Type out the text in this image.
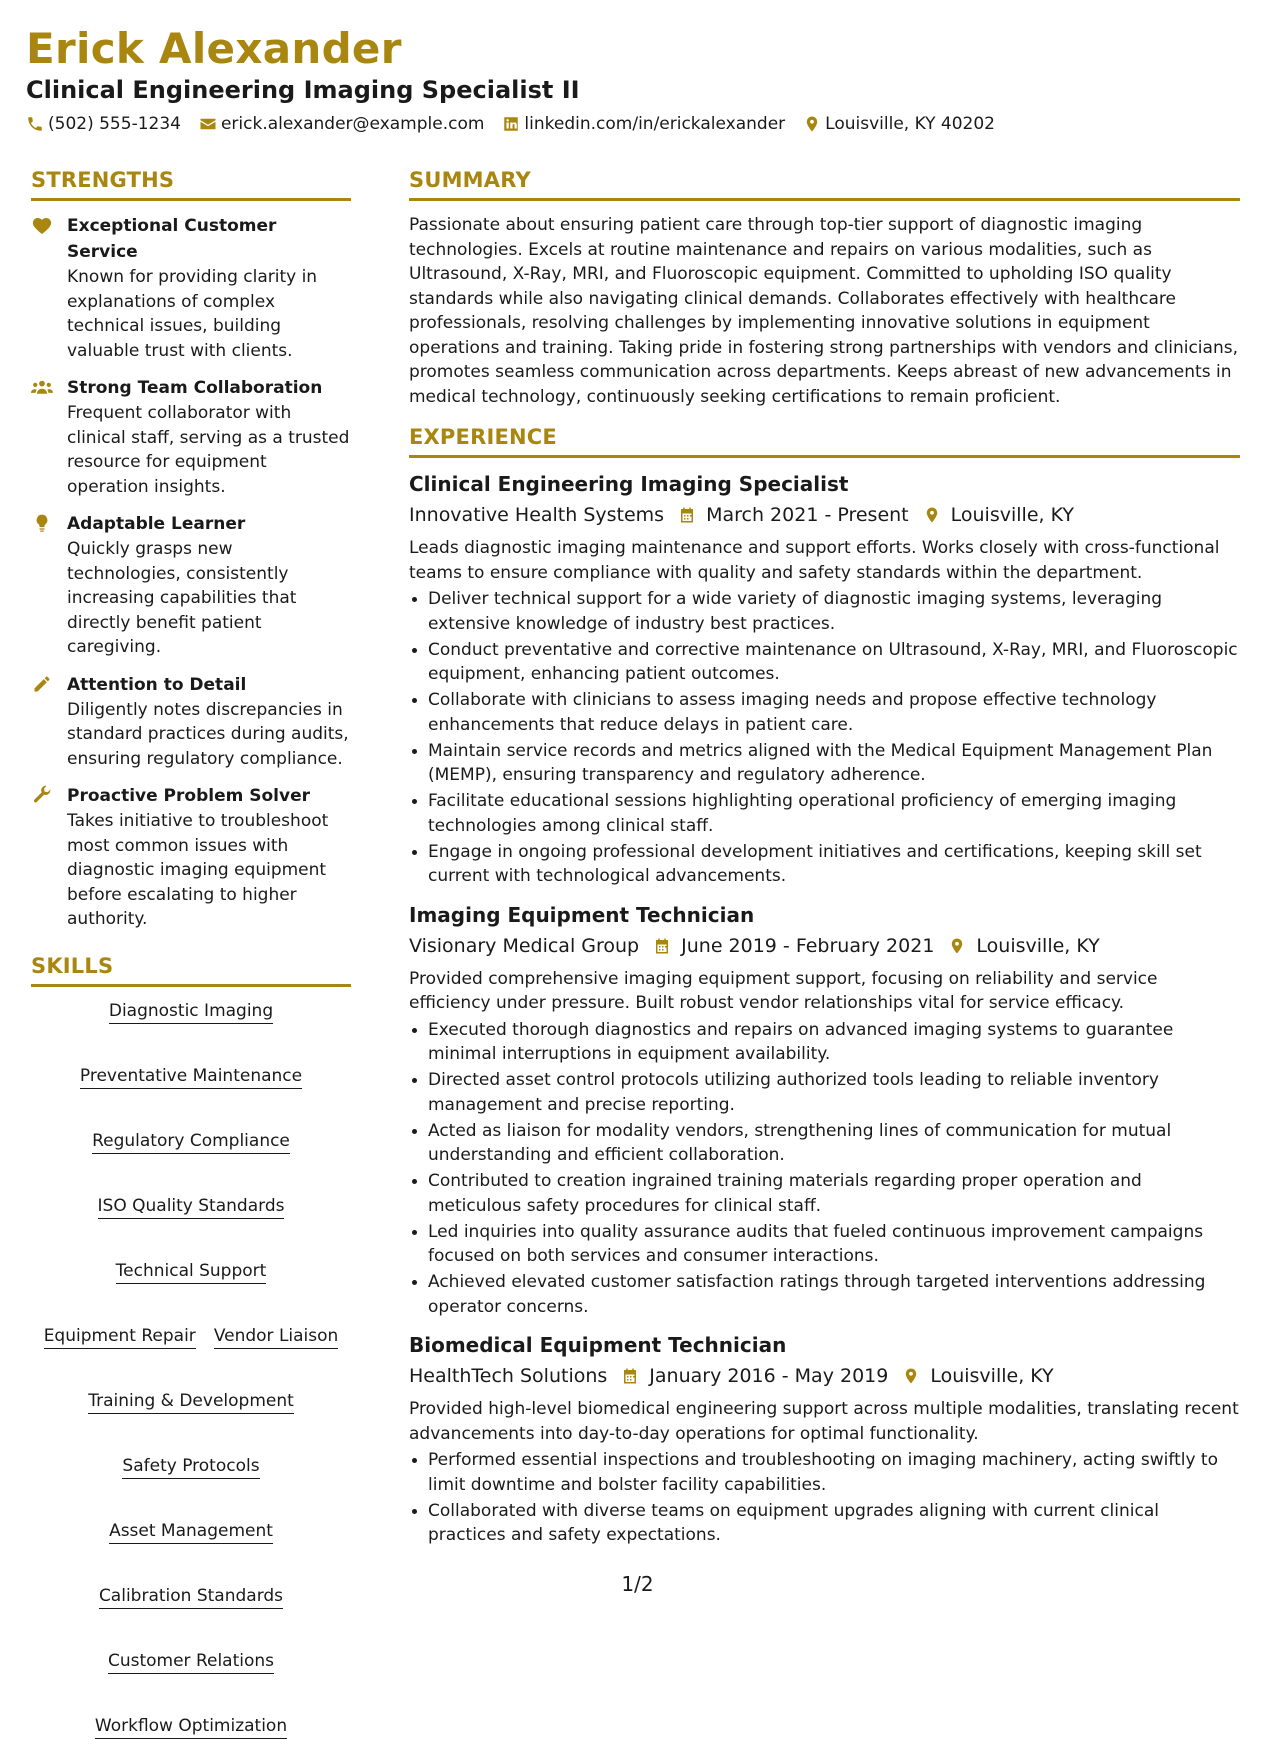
Erick Alexander
Clinical Engineering Imaging Specialist II
(502) 555-1234 erick.alexander@example.com linkedin.com/in/erickalexander Louisville, KY 40202
STRENGTHS
Exceptional Customer Service
Known for providing clarity in explanations of complex technical issues, building valuable trust with clients.
Strong Team Collaboration
Frequent collaborator with clinical staff, serving as a trusted resource for equipment operation insights.
Adaptable Learner
Quickly grasps new technologies, consistently increasing capabilities that directly benefit patient caregiving.
Attention to Detail
Diligently notes discrepancies in standard practices during audits, ensuring regulatory compliance.
Proactive Problem Solver
Takes initiative to troubleshoot most common issues with diagnostic imaging equipment before escalating to higher authority.
SKILLS
Diagnostic Imaging
Preventative Maintenance
Regulatory Compliance
ISO Quality Standards
Technical Support
Equipment Repair Vendor Liaison
Training & Development
Safety Protocols
Asset Management
Calibration Standards
Customer Relations
Workflow Optimization
SUMMARY
Passionate about ensuring patient care through top-tier support of diagnostic imaging technologies. Excels at routine maintenance and repairs on various modalities, such as Ultrasound, X-Ray, MRI, and Fluoroscopic equipment. Committed to upholding ISO quality standards while also navigating clinical demands. Collaborates effectively with healthcare professionals, resolving challenges by implementing innovative solutions in equipment operations and training. Taking pride in fostering strong partnerships with vendors and clinicians, promotes seamless communication across departments. Keeps abreast of new advancements in medical technology, continuously seeking certifications to remain proficient.
EXPERIENCE
Clinical Engineering Imaging Specialist
Innovative Health Systems March 2021 - Present Louisville, KY
Leads diagnostic imaging maintenance and support efforts. Works closely with cross-functional teams to ensure compliance with quality and safety standards within the department.
• Deliver technical support for a wide variety of diagnostic imaging systems, leveraging extensive knowledge of industry best practices.
• Conduct preventative and corrective maintenance on Ultrasound, X-Ray, MRI, and Fluoroscopic equipment, enhancing patient outcomes.
• Collaborate with clinicians to assess imaging needs and propose effective technology enhancements that reduce delays in patient care.
• Maintain service records and metrics aligned with the Medical Equipment Management Plan (MEMP), ensuring transparency and regulatory adherence.
• Facilitate educational sessions highlighting operational proficiency of emerging imaging technologies among clinical staff.
• Engage in ongoing professional development initiatives and certifications, keeping skill set current with technological advancements.
Imaging Equipment Technician
Visionary Medical Group June 2019 - February 2021 Louisville, KY
Provided comprehensive imaging equipment support, focusing on reliability and service efficiency under pressure. Built robust vendor relationships vital for service efficacy.
• Executed thorough diagnostics and repairs on advanced imaging systems to guarantee minimal interruptions in equipment availability.
• Directed asset control protocols utilizing authorized tools leading to reliable inventory management and precise reporting.
• Acted as liaison for modality vendors, strengthening lines of communication for mutual understanding and efficient collaboration.
• Contributed to creation ingrained training materials regarding proper operation and meticulous safety procedures for clinical staff.
• Led inquiries into quality assurance audits that fueled continuous improvement campaigns focused on both services and consumer interactions.
• Achieved elevated customer satisfaction ratings through targeted interventions addressing operator concerns.
Biomedical Equipment Technician
HealthTech Solutions January 2016 - May 2019 Louisville, KY
Provided high-level biomedical engineering support across multiple modalities, translating recent advancements into day-to-day operations for optimal functionality.
• Performed essential inspections and troubleshooting on imaging machinery, acting swiftly to limit downtime and bolster facility capabilities.
• Collaborated with diverse teams on equipment upgrades aligning with current clinical practices and safety expectations.
1/2
